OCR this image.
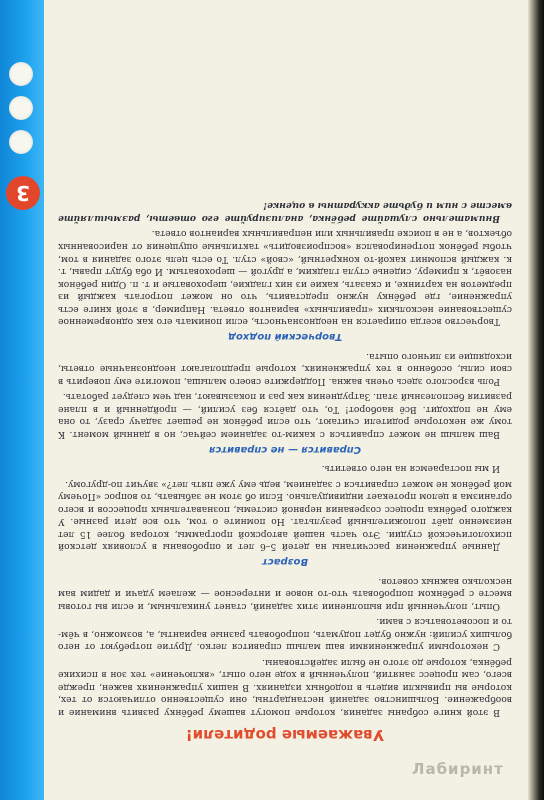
3
Уважаемые родители!

В этой книге собраны задания, которые помогут вашему ребёнку развить внимание и воображение. Большинство заданий нестандартны, они существенно отличаются от тех, которые вы привыкли видеть в подобных изданиях. В наших упражнениях важен, прежде всего, сам процесс занятий, полученный в ходе него опыт, «включение» тех зон в психике ребёнка, которые до этого не были задействованы.

С некоторыми упражнениями ваш малыш справится легко. Другие потребуют от него больших усилий: нужно будет подумать, попробовать разные варианты, а, возможно, в чём-то и посоветоваться с вами.

Опыт, полученный при выполнении этих заданий, станет уникальным, и если вы готовы вместе с ребёнком попробовать что-то новое и интересное — желаем удачи и дадим вам несколько важных советов.

Возраст

Данные упражнения рассчитаны на детей 5–6 лет и опробованы в условиях детской психологической студии. Это часть нашей авторской программы, которая более 15 лет неизменно даёт положительный результат. Но помните о том, что все дети разные. У каждого ребёнка процесс созревания нервной системы, познавательных процессов и всего организма в целом протекает индивидуально. Если об этом не забывать, то вопрос «Почему мой ребёнок не может справиться с заданием, ведь ему уже пять лет?» звучит по-другому.

И мы постараемся на него ответить.

Справится — не справится

Ваш малыш не может справиться с каким-то заданием сейчас, но в данный момент. К тому же некоторые родители считают, что если ребёнок не решает задачу сразу, то она ему не подходит. Всё наоборот! То, что даётся без усилий, — пройденный и в плане развития бесполезный этап. Затруднения как раз и показывают, над чем следует работать.

Роль взрослого здесь очень важна. Поддержите своего малыша, помогите ему поверить в свои силы, особенно в тех упражнениях, которые предполагают неоднозначные ответы, исходящие из личного опыта.

Творческий подход

Творчество всегда опирается на неоднозначность, если понимать его как одновременное существование нескольких «правильных» вариантов ответа. Например, в этой книге есть упражнение, где ребёнку нужно представить, что он может потрогать каждый из предметов на картинке, и сказать, какие из них гладкие, шероховатые и т. п. Один ребёнок назовёт, к примеру, сиденье стула гладким, а другой — шероховатым. И оба будут правы, т. к. каждый вспомнит какой-то конкретный, «свой» стул. То есть цель этого задания в том, чтобы ребёнок потренировался «воспроизводить» тактильные ощущения от нарисованных объектов, а не в поиске правильных или неправильных вариантов ответа.

Внимательно слушайте ребёнка, анализируйте его ответы, размышляйте вместе с ним и будьте аккуратны в оценке!

Лабиринт
